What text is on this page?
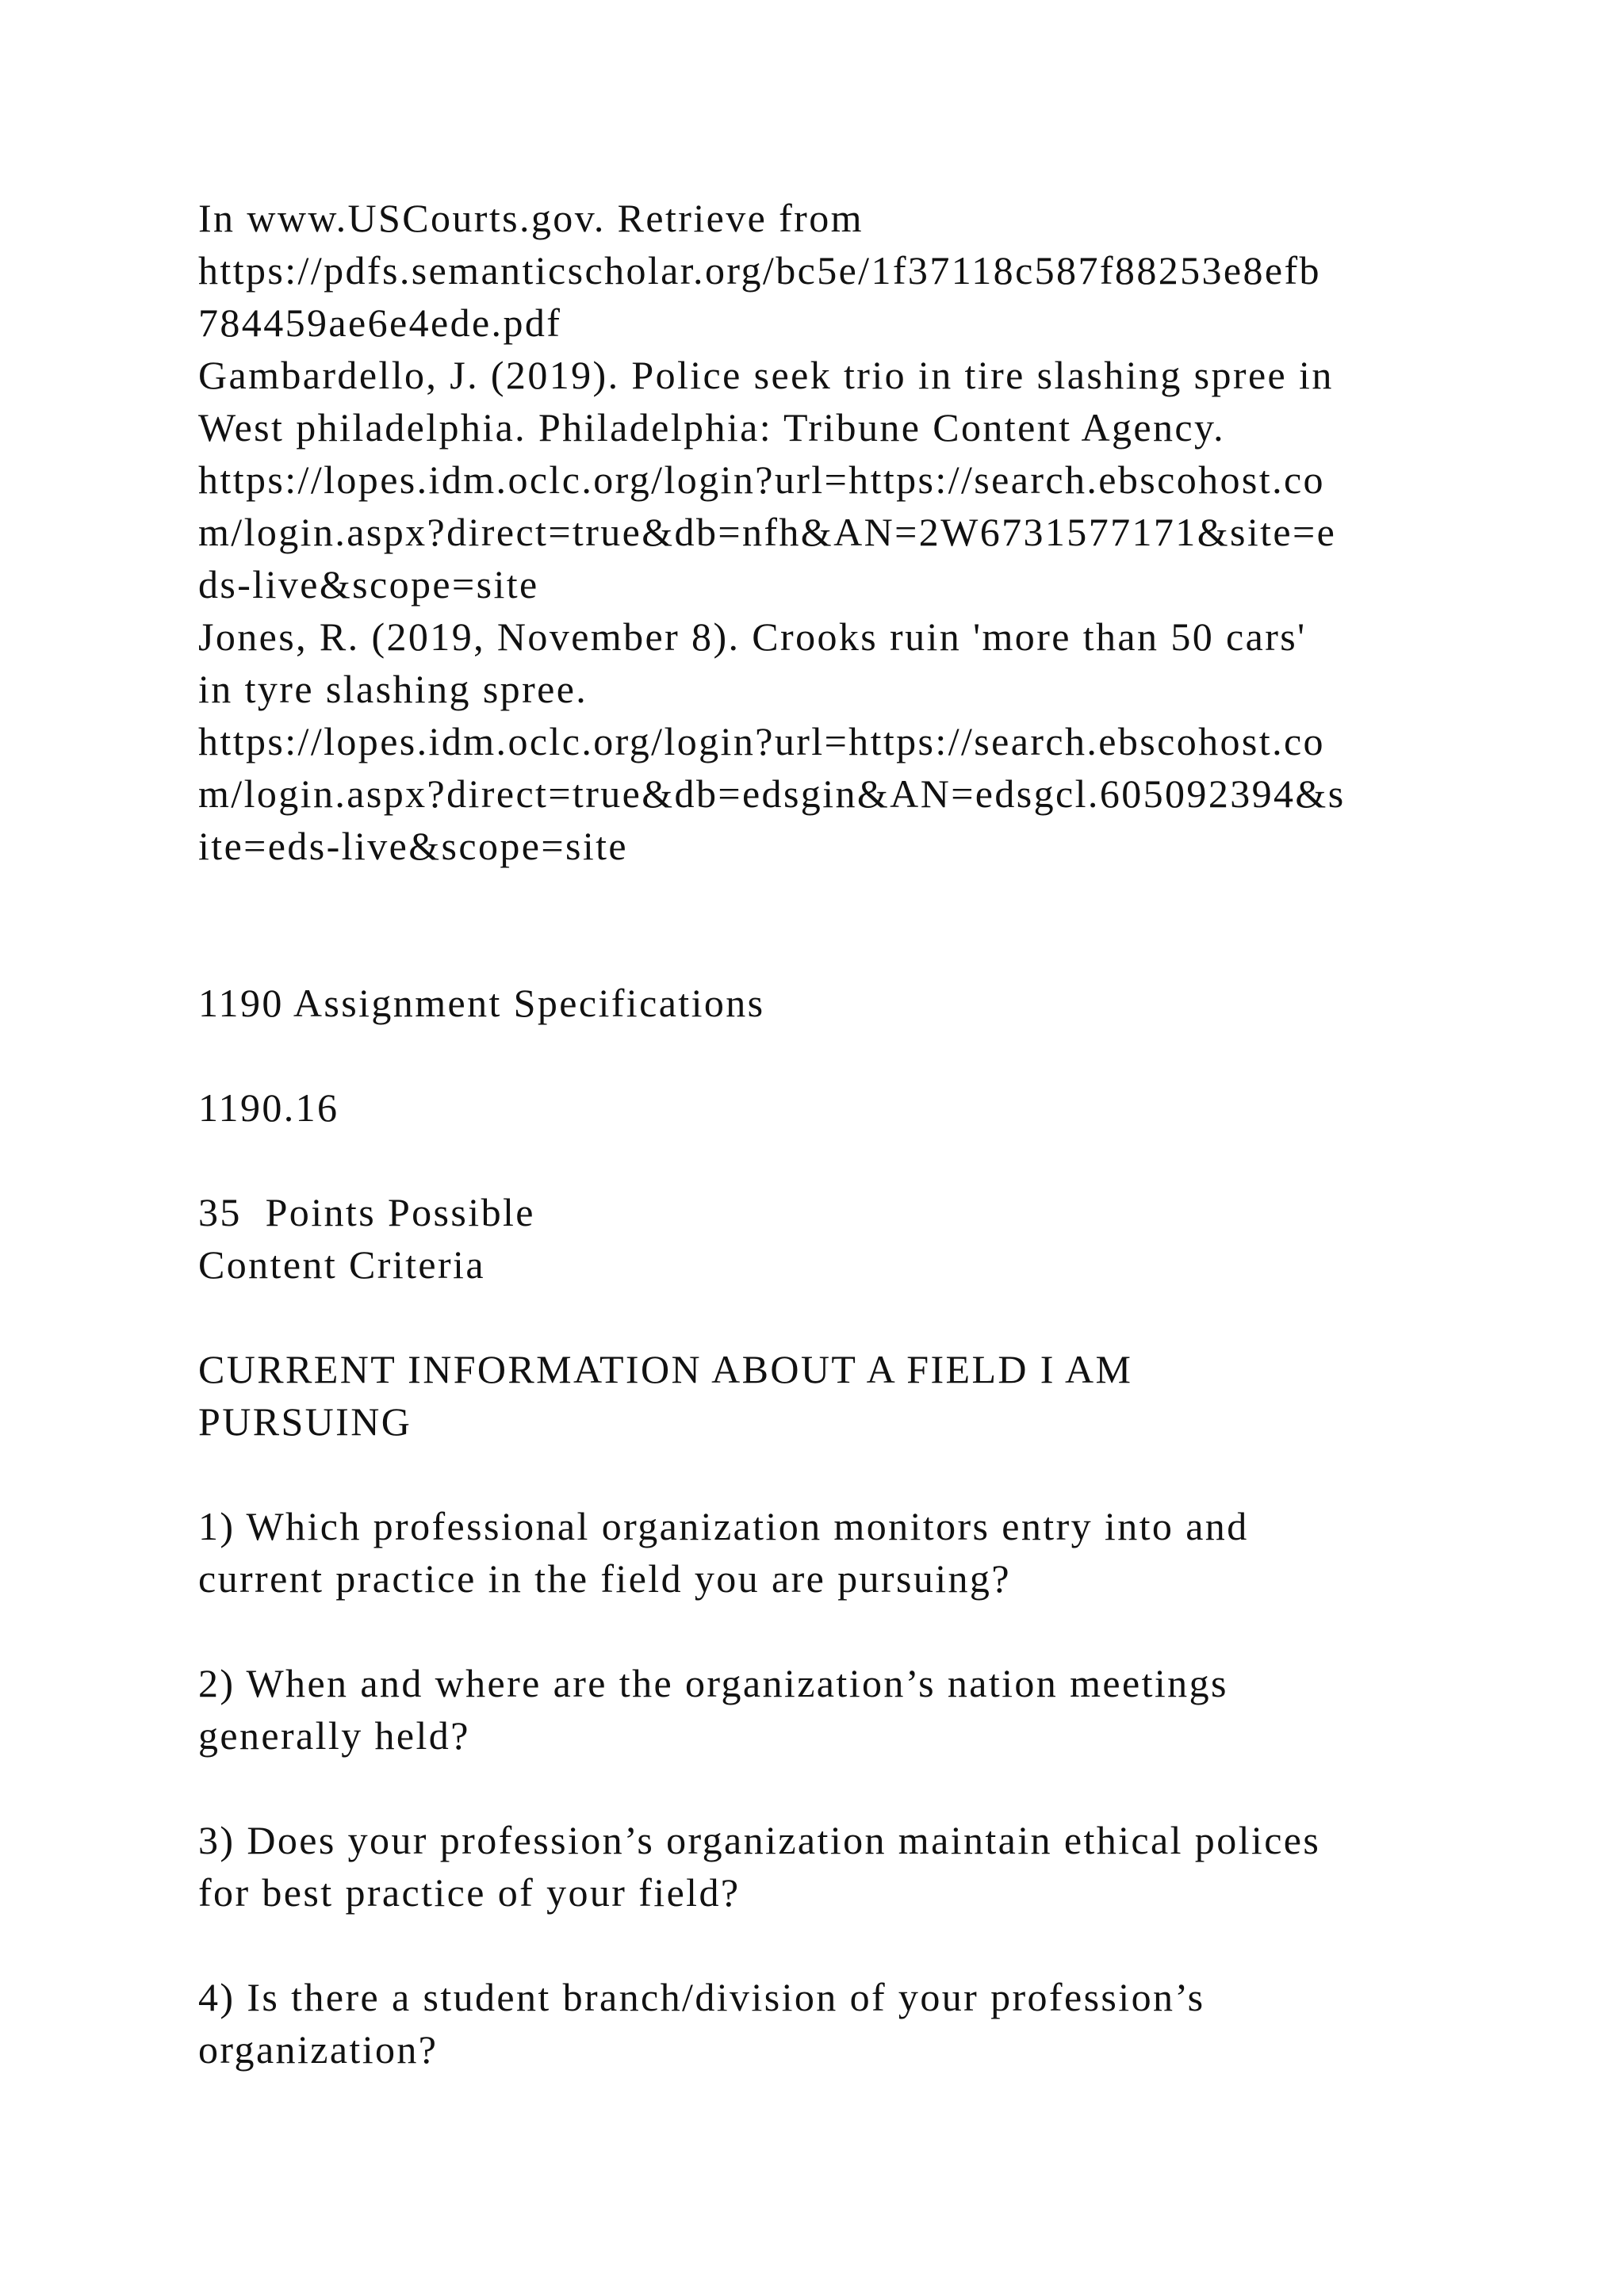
In www.USCourts.gov. Retrieve from
https://pdfs.semanticscholar.org/bc5e/1f37118c587f88253e8efb
784459ae6e4ede.pdf
Gambardello, J. (2019). Police seek trio in tire slashing spree in
West philadelphia. Philadelphia: Tribune Content Agency.
https://lopes.idm.oclc.org/login?url=https://search.ebscohost.co
m/login.aspx?direct=true&db=nfh&AN=2W6731577171&site=e
ds-live&scope=site
Jones, R. (2019, November 8). Crooks ruin 'more than 50 cars'
in tyre slashing spree.
https://lopes.idm.oclc.org/login?url=https://search.ebscohost.co
m/login.aspx?direct=true&db=edsgin&AN=edsgcl.605092394&s
ite=eds-live&scope=site
1190 Assignment Specifications
1190.16
35  Points Possible
Content Criteria
CURRENT INFORMATION ABOUT A FIELD I AM
PURSUING
1) Which professional organization monitors entry into and
current practice in the field you are pursuing?
2) When and where are the organization’s nation meetings
generally held?
3) Does your profession’s organization maintain ethical polices
for best practice of your field?
4) Is there a student branch/division of your profession’s
organization?
